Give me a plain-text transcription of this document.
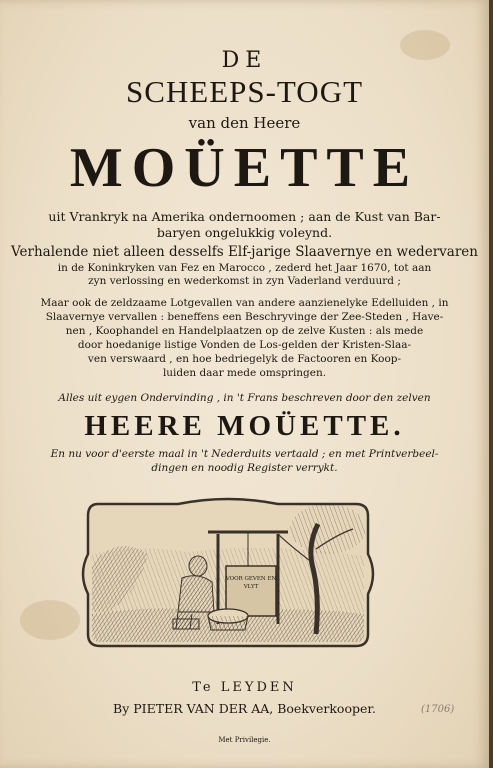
DE
SCHEEPS-TOGT
van den Heere
MOÜETTE
uit Vrankryk na Amerika ondernoomen ; aan de Kust van Bar-
baryen ongelukkig voleynd.
Verhalende niet alleen desselfs Elf-jarige Slaavernye en wedervaren
in de Koninkryken van Fez en Marocco , zederd het Jaar 1670, tot aan
zyn verlossing en wederkomst in zyn Vaderland verduurd ;
Maar ook de zeldzaame Lotgevallen van andere aanzienelyke Edelluiden , in
Slaavernye vervallen : beneffens een Beschryvinge der Zee-Steden , Have-
nen , Koophandel en Handelplaatzen op de zelve Kusten : als mede
door hoedanige listige Vonden de Los-gelden der Kristen-Slaa-
ven verswaard , en hoe bedriegelyk de Factooren en Koop-
luiden daar mede omspringen.
Alles uit eygen Ondervinding , in 't Frans beschreven door den zelven
HEERE MOÜETTE.
En nu voor d'eerste maal in 't Nederduits vertaald ; en met Printverbeel-
dingen en noodig Register verrykt.
VOOR GEVEN EN
VLYT
Te LEYDEN
By PIETER VAN DER AA, Boekverkooper.
Met Privilegie.
(1706)
